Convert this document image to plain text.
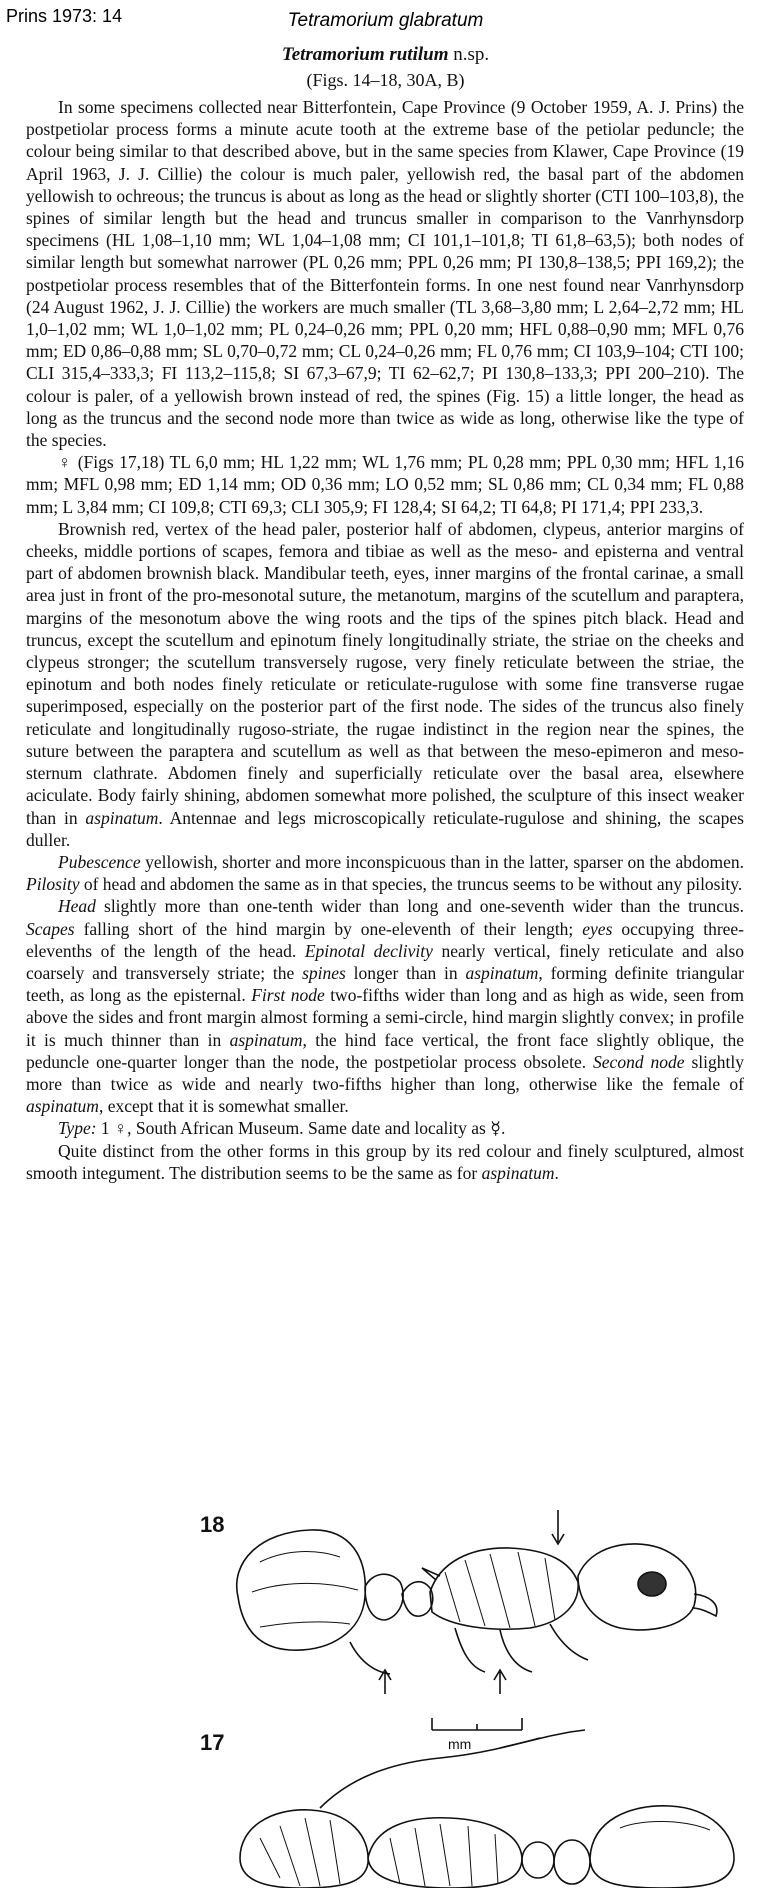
Prins 1973: 14	Tetramorium glabratum
Tetramorium rutilum n.sp.
(Figs. 14–18, 30A, B)

In some specimens collected near Bitterfontein, Cape Province (9 October 1959, A. J. Prins) the postpetiolar process forms a minute acute tooth at the extreme base of the petiolar peduncle; the colour being similar to that described above, but in the same species from Klawer, Cape Province (19 April 1963, J. J. Cillie) the colour is much paler, yellowish red, the basal part of the abdomen yellowish to ochreous; the truncus is about as long as the head or slightly shorter (CTI 100–103,8), the spines of similar length but the head and truncus smaller in comparison to the Vanrhynsdorp specimens (HL 1,08–1,10 mm; WL 1,04–1,08 mm; CI 101,1–101,8; TI 61,8–63,5); both nodes of similar length but somewhat narrower (PL 0,26 mm; PPL 0,26 mm; PI 130,8–138,5; PPI 169,2); the postpetiolar process resembles that of the Bitterfontein forms. In one nest found near Vanrhynsdorp (24 August 1962, J. J. Cillie) the workers are much smaller (TL 3,68–3,80 mm; L 2,64–2,72 mm; HL 1,0–1,02 mm; WL 1,0–1,02 mm; PL 0,24–0,26 mm; PPL 0,20 mm; HFL 0,88–0,90 mm; MFL 0,76 mm; ED 0,86–0,88 mm; SL 0,70–0,72 mm; CL 0,24–0,26 mm; FL 0,76 mm; CI 103,9–104; CTI 100; CLI 315,4–333,3; FI 113,2–115,8; SI 67,3–67,9; TI 62–62,7; PI 130,8–133,3; PPI 200–210). The colour is paler, of a yellowish brown instead of red, the spines (Fig. 15) a little longer, the head as long as the truncus and the second node more than twice as wide as long, otherwise like the type of the species.

♀ (Figs 17,18) TL 6,0 mm; HL 1,22 mm; WL 1,76 mm; PL 0,28 mm; PPL 0,30 mm; HFL 1,16 mm; MFL 0,98 mm; ED 1,14 mm; OD 0,36 mm; LO 0,52 mm; SL 0,86 mm; CL 0,34 mm; FL 0,88 mm; L 3,84 mm; CI 109,8; CTI 69,3; CLI 305,9; FI 128,4; SI 64,2; TI 64,8; PI 171,4; PPI 233,3.

Brownish red, vertex of the head paler, posterior half of abdomen, clypeus, anterior margins of cheeks, middle portions of scapes, femora and tibiae as well as the meso- and episterna and ventral part of abdomen brownish black. Mandibular teeth, eyes, inner margins of the frontal carinae, a small area just in front of the pro-mesonotal suture, the metanotum, margins of the scutellum and paraptera, margins of the mesonotum above the wing roots and the tips of the spines pitch black. Head and truncus, except the scutellum and epinotum finely longitudinally striate, the striae on the cheeks and clypeus stronger; the scutellum transversely rugose, very finely reticulate between the striae, the epinotum and both nodes finely reticulate or reticulate-rugulose with some fine transverse rugae superimposed, especially on the posterior part of the first node. The sides of the truncus also finely reticulate and longitudinally rugoso-striate, the rugae indistinct in the region near the spines, the suture between the paraptera and scutellum as well as that between the meso-epimeron and meso-sternum clathrate. Abdomen finely and superficially reticulate over the basal area, elsewhere aciculate. Body fairly shining, abdomen somewhat more polished, the sculpture of this insect weaker than in aspinatum. Antennae and legs microscopically reticulate-rugulose and shining, the scapes duller.

Pubescence yellowish, shorter and more inconspicuous than in the latter, sparser on the abdomen. Pilosity of head and abdomen the same as in that species, the truncus seems to be without any pilosity.

Head slightly more than one-tenth wider than long and one-seventh wider than the truncus. Scapes falling short of the hind margin by one-eleventh of their length; eyes occupying three-elevenths of the length of the head. Epinotal declivity nearly vertical, finely reticulate and also coarsely and transversely striate; the spines longer than in aspinatum, forming definite triangular teeth, as long as the episternal. First node two-fifths wider than long and as high as wide, seen from above the sides and front margin almost forming a semi-circle, hind margin slightly convex; in profile it is much thinner than in aspinatum, the hind face vertical, the front face slightly oblique, the peduncle one-quarter longer than the node, the postpetiolar process obsolete. Second node slightly more than twice as wide and nearly two-fifths higher than long, otherwise like the female of aspinatum, except that it is somewhat smaller.

Type: 1 ♀, South African Museum. Same date and locality as ☿.

Quite distinct from the other forms in this group by its red colour and finely sculptured, almost smooth integument. The distribution seems to be the same as for aspinatum.

18
17	mm
